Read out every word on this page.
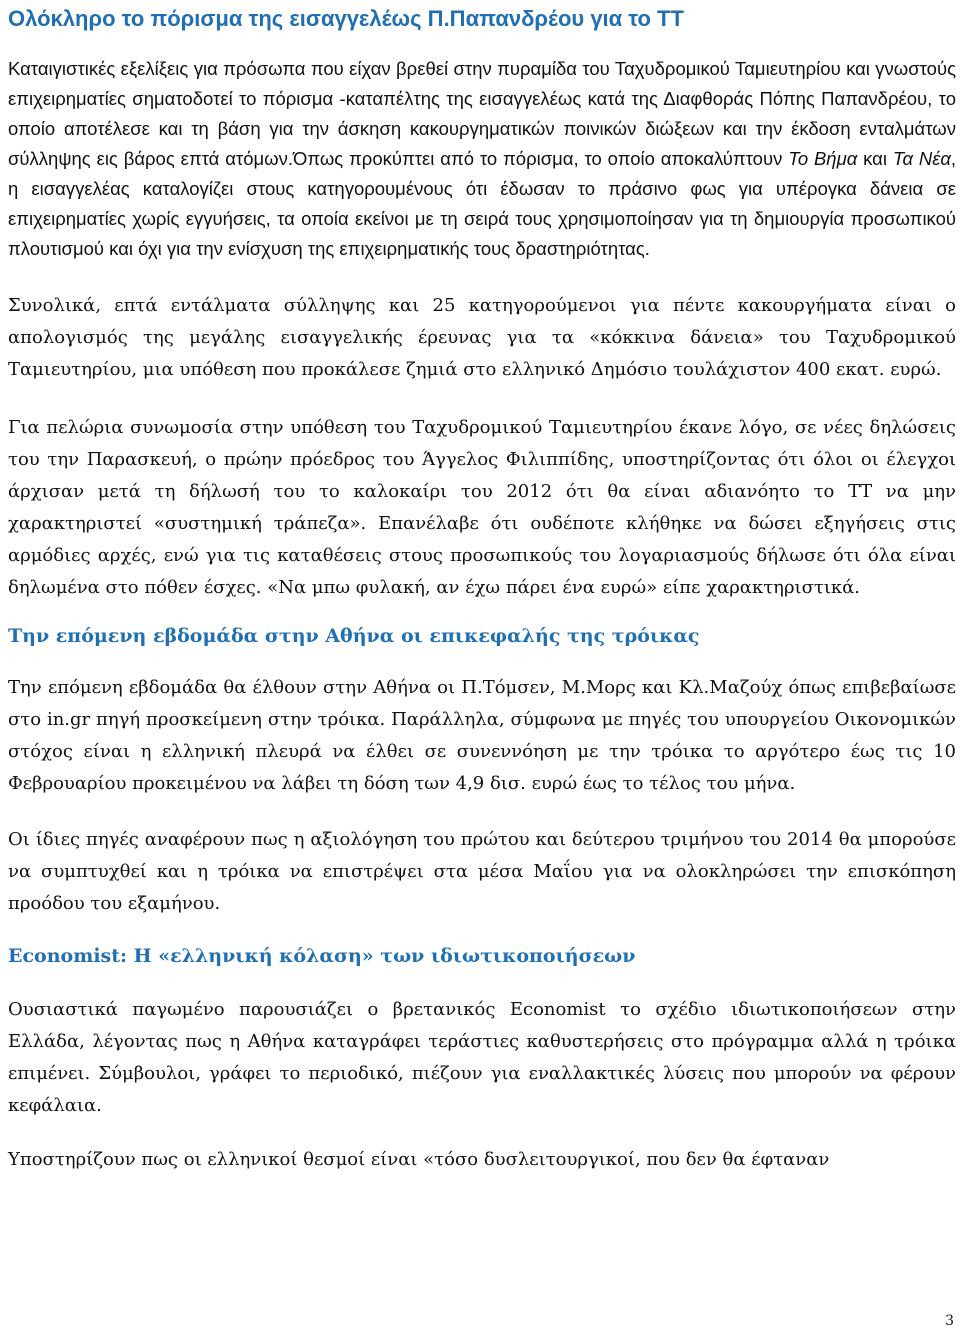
Ολόκληρο το πόρισμα της εισαγγελέως Π.Παπανδρέου για το ΤΤ

Καταιγιστικές εξελίξεις για πρόσωπα που είχαν βρεθεί στην πυραμίδα του Ταχυδρομικού Ταμιευτηρίου και γνωστούς επιχειρηματίες σηματοδοτεί το πόρισμα -καταπέλτης της εισαγγελέως κατά της Διαφθοράς Πόπης Παπανδρέου, το οποίο αποτέλεσε και τη βάση για την άσκηση κακουργηματικών ποινικών διώξεων και την έκδοση ενταλμάτων σύλληψης εις βάρος επτά ατόμων.Όπως προκύπτει από το πόρισμα, το οποίο αποκαλύπτουν Το Βήμα και Τα Νέα, η εισαγγελέας καταλογίζει στους κατηγορουμένους ότι έδωσαν το πράσινο φως για υπέρογκα δάνεια σε επιχειρηματίες χωρίς εγγυήσεις, τα οποία εκείνοι με τη σειρά τους χρησιμοποίησαν για τη δημιουργία προσωπικού πλουτισμού και όχι για την ενίσχυση της επιχειρηματικής τους δραστηριότητας.

Συνολικά, επτά εντάλματα σύλληψης και 25 κατηγορούμενοι για πέντε κακουργήματα είναι ο απολογισμός της μεγάλης εισαγγελικής έρευνας για τα «κόκκινα δάνεια» του Ταχυδρομικού Ταμιευτηρίου, μια υπόθεση που προκάλεσε ζημιά στο ελληνικό Δημόσιο τουλάχιστον 400 εκατ. ευρώ.

Για πελώρια συνωμοσία στην υπόθεση του Ταχυδρομικού Ταμιευτηρίου έκανε λόγο, σε νέες δηλώσεις του την Παρασκευή, ο πρώην πρόεδρος του Άγγελος Φιλιππίδης, υποστηρίζοντας ότι όλοι οι έλεγχοι άρχισαν μετά τη δήλωσή του το καλοκαίρι του 2012 ότι θα είναι αδιανόητο το ΤΤ να μην χαρακτηριστεί «συστημική τράπεζα». Επανέλαβε ότι ουδέποτε κλήθηκε να δώσει εξηγήσεις στις αρμόδιες αρχές, ενώ για τις καταθέσεις στους προσωπικούς του λογαριασμούς δήλωσε ότι όλα είναι δηλωμένα στο πόθεν έσχες. «Να μπω φυλακή, αν έχω πάρει ένα ευρώ» είπε χαρακτηριστικά.

Την επόμενη εβδομάδα στην Αθήνα οι επικεφαλής της τρόικας

Την επόμενη εβδομάδα θα έλθουν στην Αθήνα οι Π.Τόμσεν, Μ.Μορς και Κλ.Μαζούχ όπως επιβεβαίωσε στο in.gr πηγή προσκείμενη στην τρόικα. Παράλληλα, σύμφωνα με πηγές του υπουργείου Οικονομικών στόχος είναι η ελληνική πλευρά να έλθει σε συνεννόηση με την τρόικα το αργότερο έως τις 10 Φεβρουαρίου προκειμένου να λάβει τη δόση των 4,9 δισ. ευρώ έως το τέλος του μήνα.

Οι ίδιες πηγές αναφέρουν πως η αξιολόγηση του πρώτου και δεύτερου τριμήνου του 2014 θα μπορούσε να συμπτυχθεί και η τρόικα να επιστρέψει στα μέσα Μαΐου για να ολοκληρώσει την επισκόπηση προόδου του εξαμήνου.

Economist: Η «ελληνική κόλαση» των ιδιωτικοποιήσεων

Ουσιαστικά παγωμένο παρουσιάζει ο βρετανικός Economist το σχέδιο ιδιωτικοποιήσεων στην Ελλάδα, λέγοντας πως η Αθήνα καταγράφει τεράστιες καθυστερήσεις στο πρόγραμμα αλλά η τρόικα επιμένει. Σύμβουλοι, γράφει το περιοδικό, πιέζουν για εναλλακτικές λύσεις που μπορούν να φέρουν κεφάλαια.

Υποστηρίζουν πως οι ελληνικοί θεσμοί είναι «τόσο δυσλειτουργικοί, που δεν θα έφταναν

3
